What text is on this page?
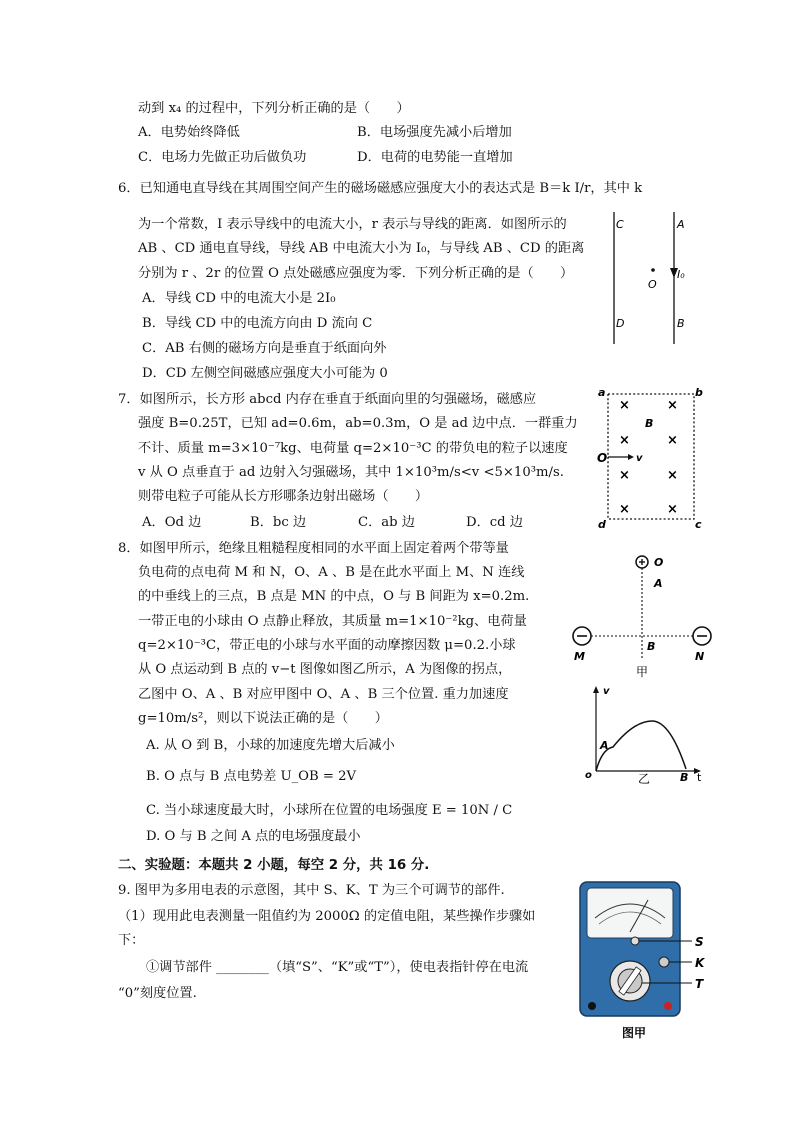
动到 x₄ 的过程中，下列分析正确的是（　　）
A．电势始终降低	B．电场强度先减小后增加
C．电场力先做正功后做负功	D．电荷的电势能一直增加
6．已知通电直导线在其周围空间产生的磁场磁感应强度大小的表达式是 B＝k I/r，其中 k
为一个常数，I 表示导线中的电流大小，r 表示与导线的距离．如图所示的
AB 、CD 通电直导线，导线 AB 中电流大小为 I₀，与导线 AB 、CD 的距离
分别为 r 、2r 的位置 O 点处磁感应强度为零．下列分析正确的是（　　）
A．导线 CD 中的电流大小是 2I₀
B．导线 CD 中的电流方向由 D 流向 C
C．AB 右侧的磁场方向是垂直于纸面向外
D．CD 左侧空间磁感应强度大小可能为 0
C	A
D	B
O
I₀
7．如图所示，长方形 abcd 内存在垂直于纸面向里的匀强磁场，磁感应
强度 B=0.25T，已知 ad=0.6m，ab=0.3m，O 是 ad 边中点．一群重力
不计、质量 m=3×10⁻⁷kg、电荷量 q=2×10⁻³C 的带负电的粒子以速度
v 从 O 点垂直于 ad 边射入匀强磁场，其中 1×10³m/s<v <5×10³m/s.
则带电粒子可能从长方形哪条边射出磁场（　　）
A．Od 边	B．bc 边	C．ab 边	D．cd 边
a	b
d	c
B
O	v
×	×
×	×
×	×
×	×
8．如图甲所示，绝缘且粗糙程度相同的水平面上固定着两个带等量
负电荷的点电荷 M 和 N，O、A 、B 是在此水平面上 M、N 连线
的中垂线上的三点，B 点是 MN 的中点，O 与 B 间距为 x=0.2m.
一带正电的小球由 O 点静止释放，其质量 m=1×10⁻²kg、电荷量
q=2×10⁻³C，带正电的小球与水平面的动摩擦因数 μ=0.2.小球
从 O 点运动到 B 点的 v−t 图像如图乙所示，A 为图像的拐点，
乙图中 O、A 、B 对应甲图中 O、A 、B 三个位置. 重力加速度
g=10m/s²，则以下说法正确的是（　　）
A. 从 O 到 B，小球的加速度先增大后减小
B. O 点与 B 点电势差 U_OB = 2V
C. 当小球速度最大时，小球所在位置的电场强度 E = 10N / C
D. O 与 B 之间 A 点的电场强度最小
O
A
B
M	N
甲
v
A
o	B t
乙
二、实验题：本题共 2 小题，每空 2 分，共 16 分.
9. 图甲为多用电表的示意图，其中 S、K、T 为三个可调节的部件.
（1）现用此电表测量一阻值约为 2000Ω 的定值电阻，某些操作步骤如
下：
①调节部件 ________（填“S”、“K”或“T”），使电表指针停在电流
“0”刻度位置.
S
K
T
图甲
